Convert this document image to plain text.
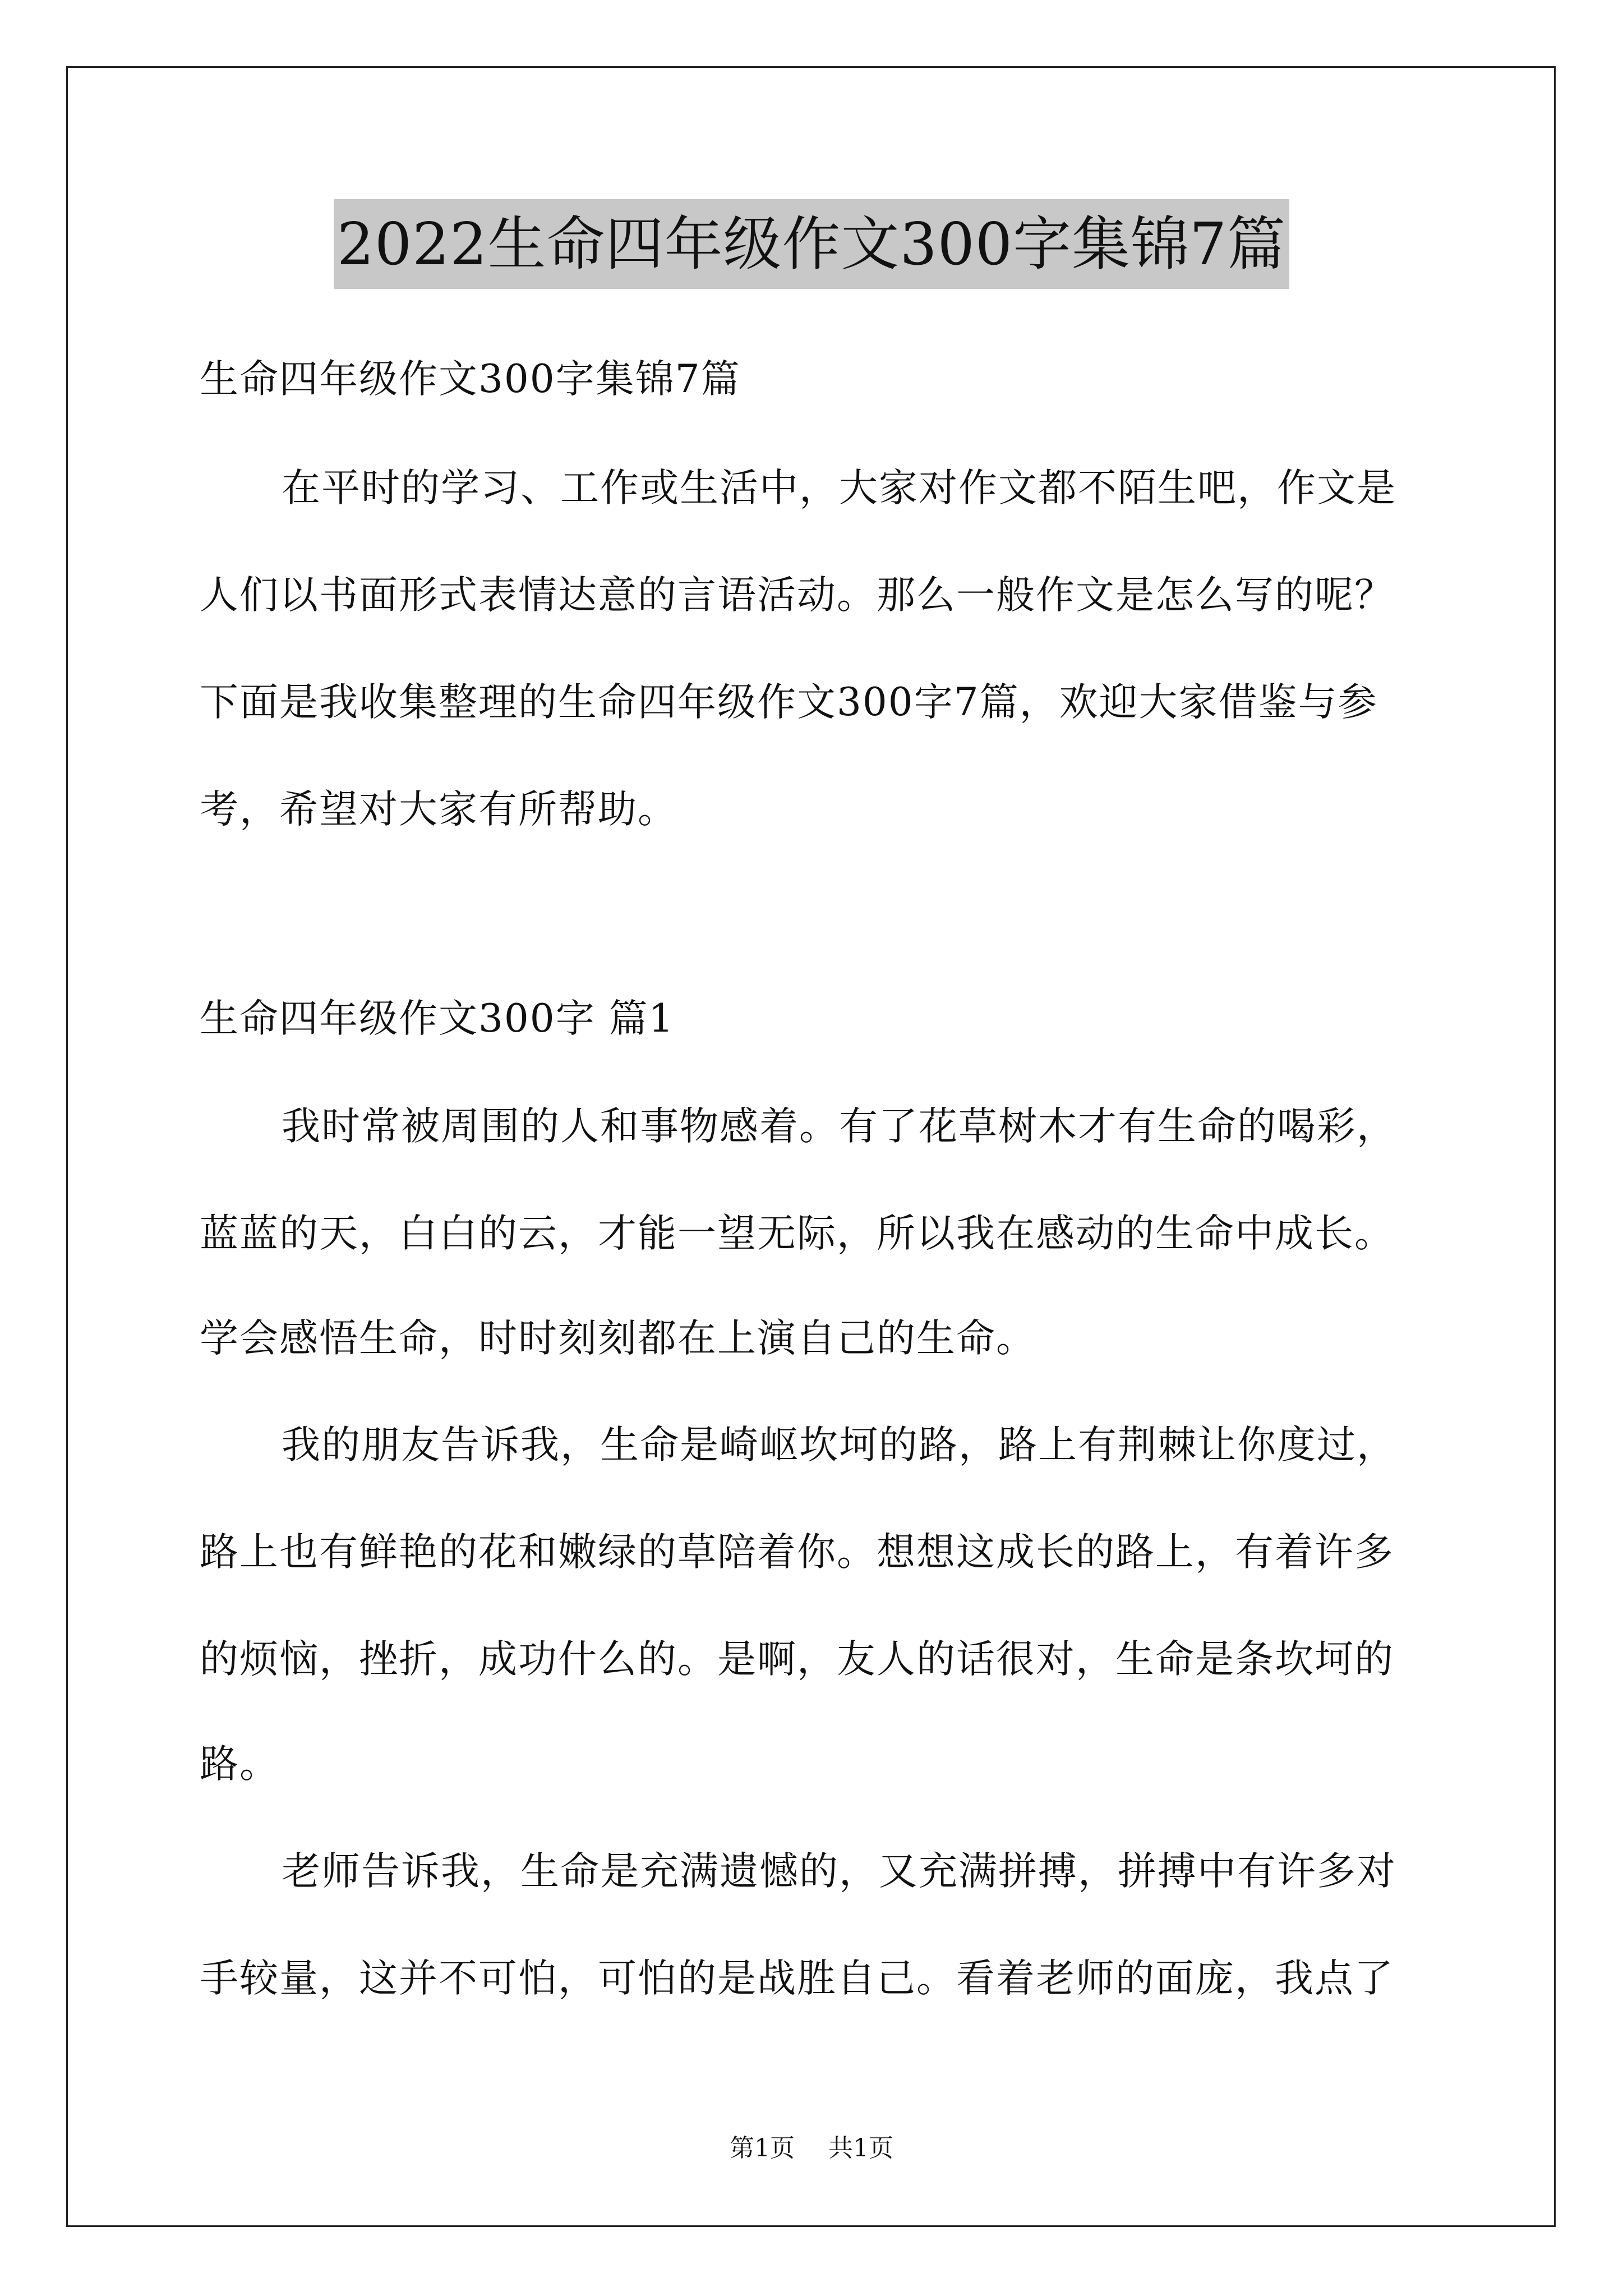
2022生命四年级作文300字集锦7篇
生命四年级作文300字集锦7篇
在平时的学习、工作或生活中，大家对作文都不陌生吧，作文是
人们以书面形式表情达意的言语活动。那么一般作文是怎么写的呢？
下面是我收集整理的生命四年级作文300字7篇，欢迎大家借鉴与参
考，希望对大家有所帮助。
生命四年级作文300字 篇1
我时常被周围的人和事物感着。有了花草树木才有生命的喝彩，
蓝蓝的天，白白的云，才能一望无际，所以我在感动的生命中成长。
学会感悟生命，时时刻刻都在上演自己的生命。
我的朋友告诉我，生命是崎岖坎坷的路，路上有荆棘让你度过，
路上也有鲜艳的花和嫩绿的草陪着你。想想这成长的路上，有着许多
的烦恼，挫折，成功什么的。是啊，友人的话很对，生命是条坎坷的
路。
老师告诉我，生命是充满遗憾的，又充满拼搏，拼搏中有许多对
手较量，这并不可怕，可怕的是战胜自己。看着老师的面庞，我点了
第1页 共1页
